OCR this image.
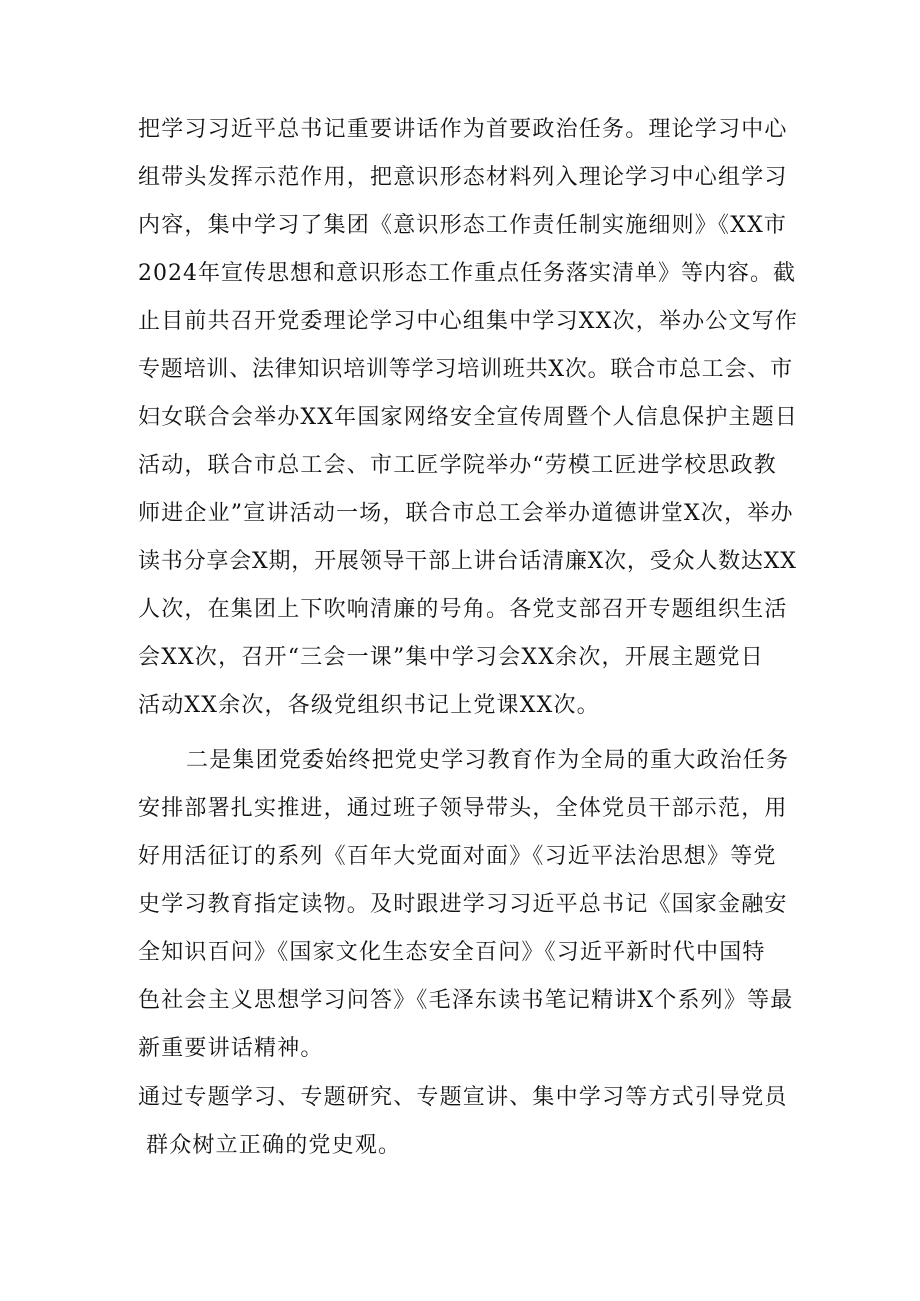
把学习习近平总书记重要讲话作为首要政治任务。理论学习中心
组带头发挥示范作用，把意识形态材料列入理论学习中心组学习
内容，集中学习了集团《意识形态工作责任制实施细则》《XX市
2024年宣传思想和意识形态工作重点任务落实清单》等内容。截
止目前共召开党委理论学习中心组集中学习XX次，举办公文写作
专题培训、法律知识培训等学习培训班共X次。联合市总工会、市
妇女联合会举办XX年国家网络安全宣传周暨个人信息保护主题日
活动，联合市总工会、市工匠学院举办“劳模工匠进学校思政教
师进企业”宣讲活动一场，联合市总工会举办道德讲堂X次，举办
读书分享会X期，开展领导干部上讲台话清廉X次，受众人数达XX
人次，在集团上下吹响清廉的号角。各党支部召开专题组织生活
会XX次，召开“三会一课”集中学习会XX余次，开展主题党日
活动XX余次，各级党组织书记上党课XX次。
二是集团党委始终把党史学习教育作为全局的重大政治任务
安排部署扎实推进，通过班子领导带头，全体党员干部示范，用
好用活征订的系列《百年大党面对面》《习近平法治思想》等党
史学习教育指定读物。及时跟进学习习近平总书记《国家金融安
全知识百问》《国家文化生态安全百问》《习近平新时代中国特
色社会主义思想学习问答》《毛泽东读书笔记精讲X个系列》等最
新重要讲话精神。
通过专题学习、专题研究、专题宣讲、集中学习等方式引导党员
群众树立正确的党史观。
